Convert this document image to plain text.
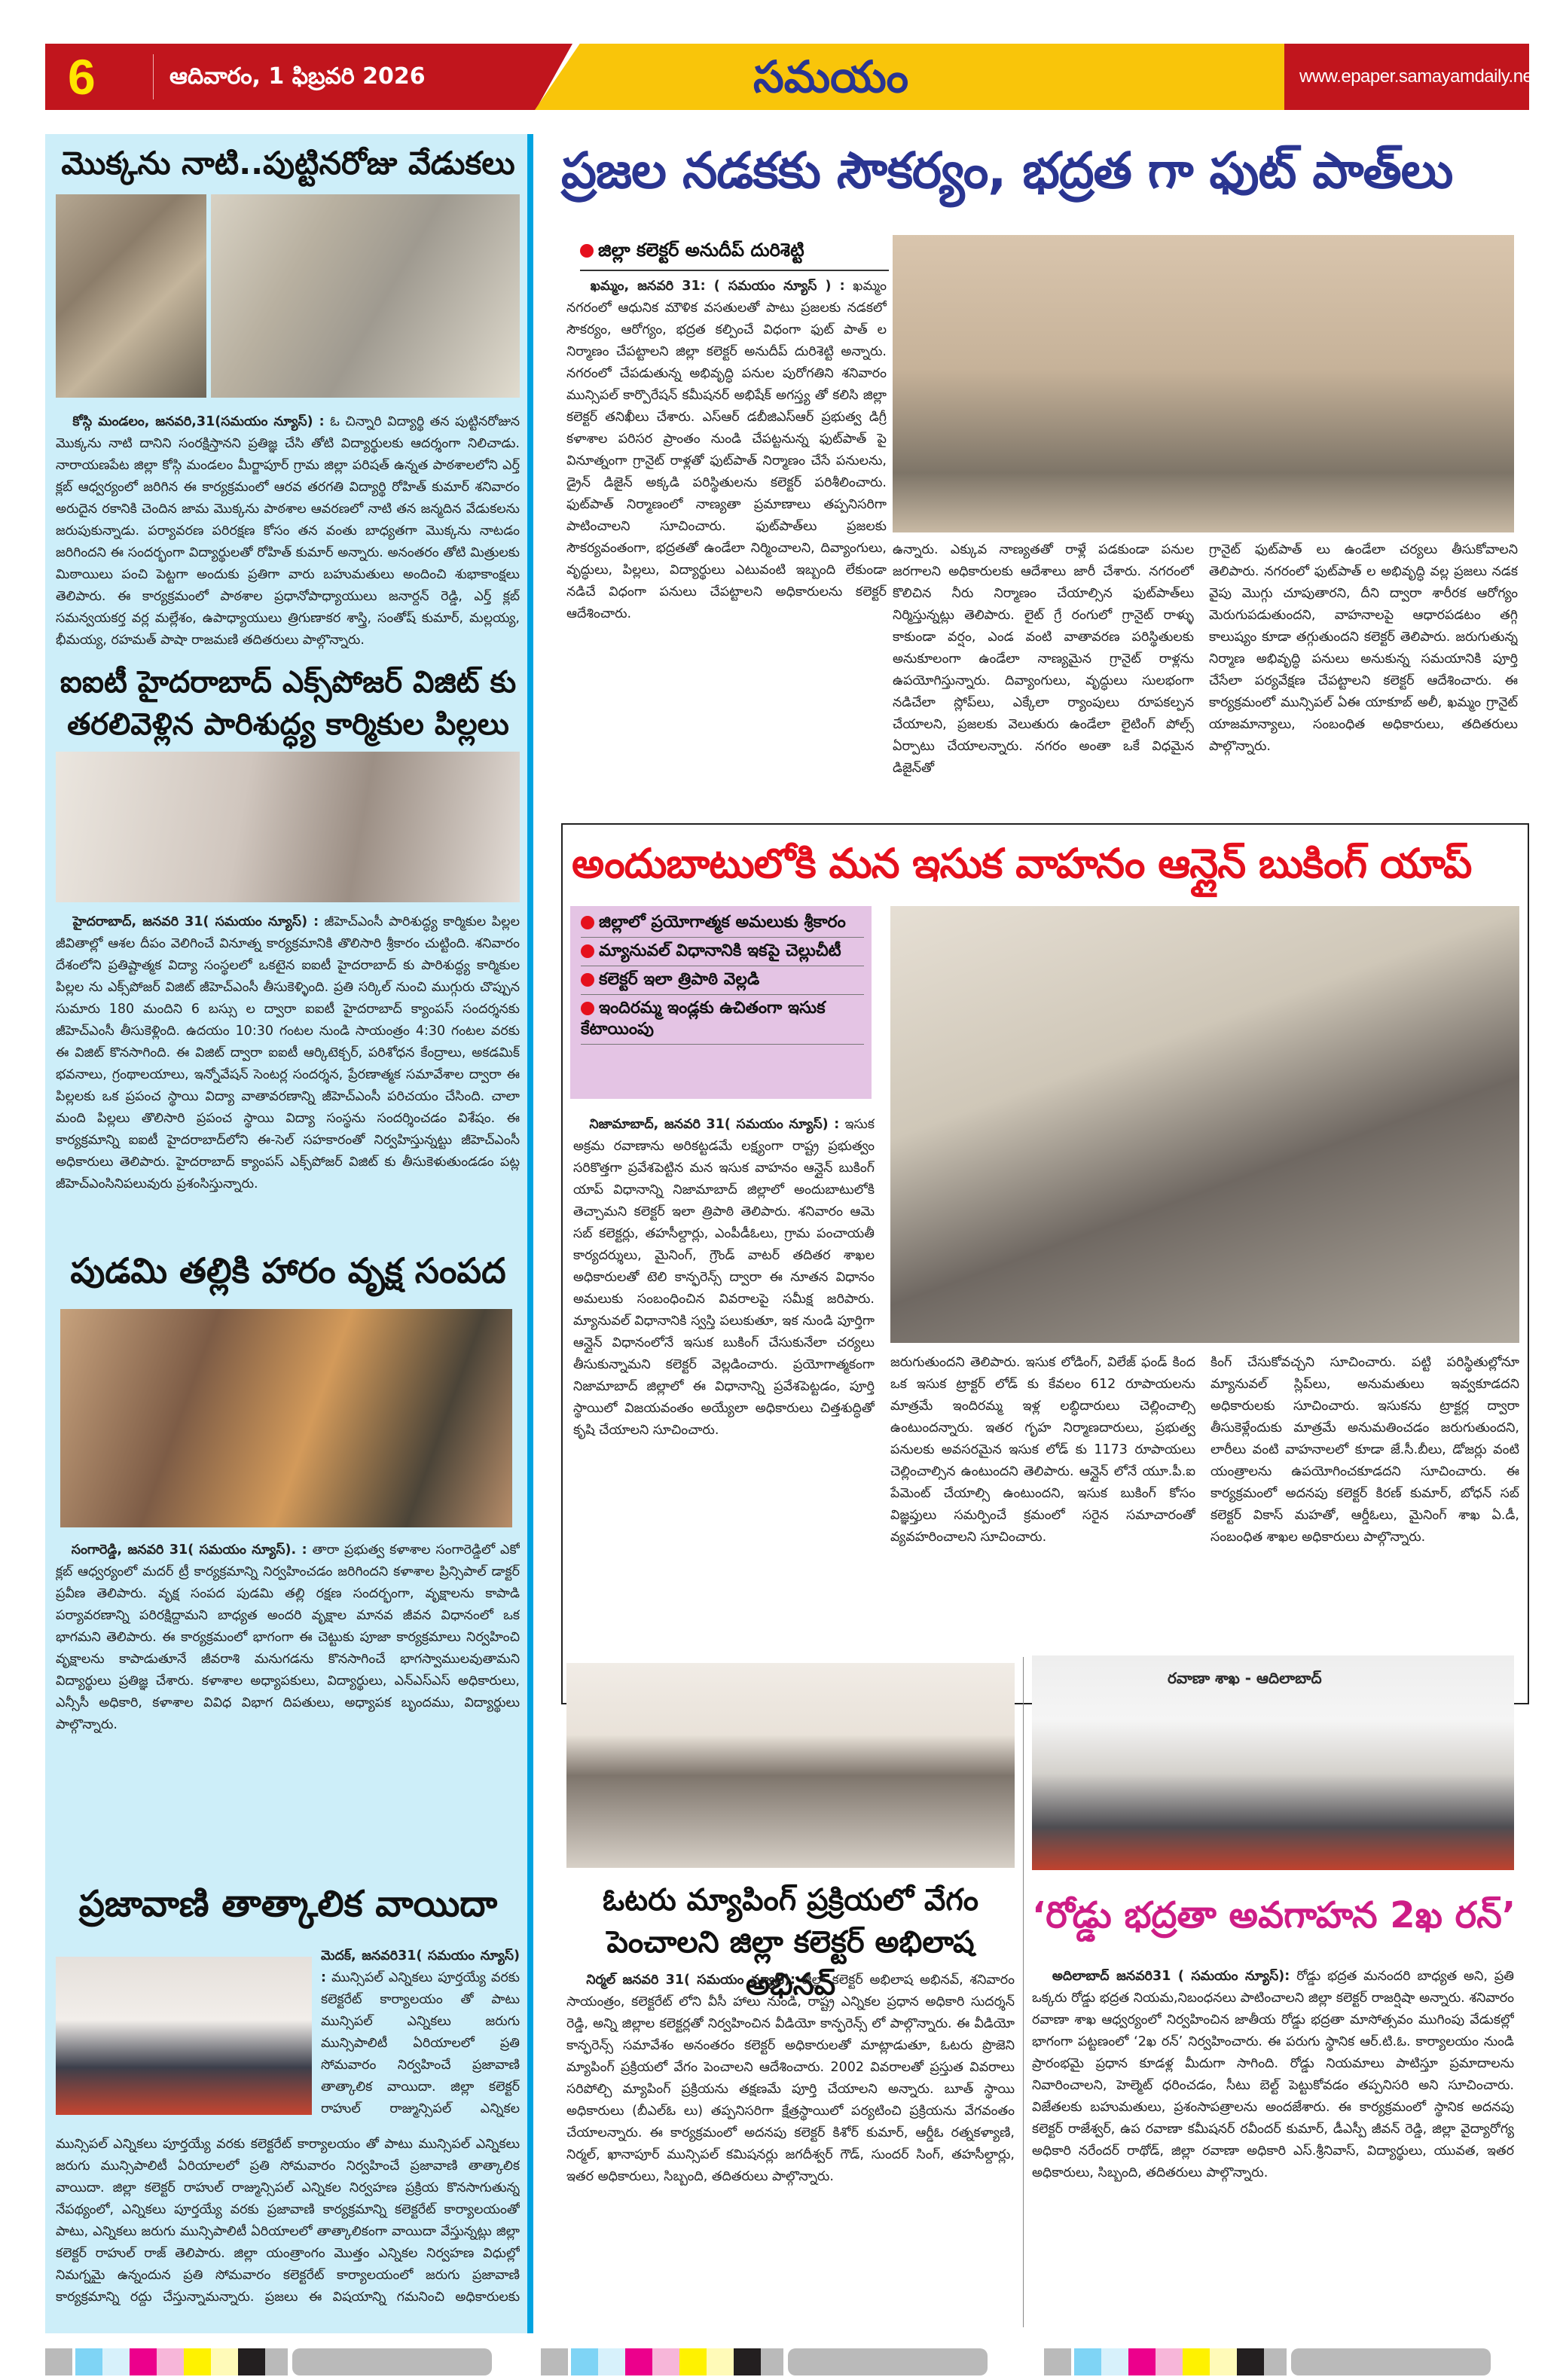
6	ఆదివారం, 1 ఫిబ్రవరి 2026	సమయం	www.epaper.samayamdaily.net
మొక్కను నాటి..పుట్టినరోజు వేడుకలు
కోస్గి మండలం, జనవరి,31(సమయం న్యూస్) : ఓ చిన్నారి విద్యార్థి తన పుట్టినరోజున మొక్కను నాటి దానిని సంరక్షిస్తానని ప్రతిజ్ఞ చేసి తోటి విద్యార్థులకు ఆదర్శంగా నిలిచాడు. నారాయణపేట జిల్లా కోస్గి మండలం మీర్జాపూర్ గ్రామ జిల్లా పరిషత్ ఉన్నత పాఠశాలలోని ఎర్త్ క్లబ్ ఆధ్వర్యంలో జరిగిన ఈ కార్యక్రమంలో ఆరవ తరగతి విద్యార్థి రోహిత్ కుమార్ శనివారం అరుదైన రకానికి చెందిన జామ మొక్కను పాఠశాల ఆవరణలో నాటి తన జన్మదిన వేడుకలను జరుపుకున్నాడు. పర్యావరణ పరిరక్షణ కోసం తన వంతు బాధ్యతగా మొక్కను నాటడం జరిగిందని ఈ సందర్భంగా విద్యార్థులతో రోహిత్ కుమార్ అన్నారు. అనంతరం తోటి మిత్రులకు మిఠాయిలు పంచి పెట్టగా అందుకు ప్రతిగా వారు బహుమతులు అందించి శుభాకాంక్షలు తెలిపారు. ఈ కార్యక్రమంలో పాఠశాల ప్రధానోపాధ్యాయులు జనార్దన్ రెడ్డి, ఎర్త్ క్లబ్ సమన్వయకర్త వర్ల మల్లేశం, ఉపాధ్యాయులు త్రిగుణాకర శాస్త్రి, సంతోష్ కుమార్, మల్లయ్య, భీమయ్య, రహమత్ పాషా రాజమణి తదితరులు పాల్గొన్నారు.
ఐఐటీ హైదరాబాద్ ఎక్స్‌పోజర్ విజిట్ కు
తరలివెళ్లిన పారిశుద్ధ్య కార్మికుల పిల్లలు
హైదరాబాద్, జనవరి 31( సమయం న్యూస్) : జీహెచ్ఎంసీ పారిశుద్ధ్య కార్మికుల పిల్లల జీవితాల్లో ఆశల దీపం వెలిగించే వినూత్న కార్యక్రమానికి తొలిసారి శ్రీకారం చుట్టింది. శనివారం దేశంలోని ప్రతిష్టాత్మక విద్యా సంస్థలలో ఒకటైన ఐఐటీ హైదరాబాద్ కు పారిశుద్ధ్య కార్మికుల పిల్లల ను ఎక్స్‌పోజర్ విజిట్ జీహెచ్ఎంసీ తీసుకెళ్ళింది. ప్రతి సర్కిల్ నుంచి ముగ్గురు చొప్పున సుమారు 180 మందిని 6 బస్సు ల ద్వారా ఐఐటీ హైదరాబాద్ క్యాంపస్ సందర్శనకు జీహెచ్ఎంసీ తీసుకెళ్లింది. ఉదయం 10:30 గంటల నుండి సాయంత్రం 4:30 గంటల వరకు ఈ విజిట్ కొనసాగింది. ఈ విజిట్ ద్వారా ఐఐటీ ఆర్కిటెక్చర్, పరిశోధన కేంద్రాలు, అకడమిక్ భవనాలు, గ్రంథాలయాలు, ఇన్నోవేషన్ సెంటర్ల సందర్శన, ప్రేరణాత్మక సమావేశాల ద్వారా ఈ పిల్లలకు ఒక ప్రపంచ స్థాయి విద్యా వాతావరణాన్ని జీహెచ్ఎంసీ పరిచయం చేసింది. చాలా మంది పిల్లలు తొలిసారి ప్రపంచ స్థాయి విద్యా సంస్థను సందర్శించడం విశేషం. ఈ కార్యక్రమాన్ని ఐఐటీ హైదరాబాద్‌లోని ఈ-సెల్ సహకారంతో నిర్వహిస్తున్నట్టు జీహెచ్ఎంసీ అధికారులు తెలిపారు. హైదరాబాద్ క్యాంపస్ ఎక్స్‌పోజర్ విజిట్ కు తీసుకెళుతుండడం పట్ల జీహెచ్ఎంసినిపలువురు ప్రశంసిస్తున్నారు.
పుడమి తల్లికి హారం వృక్ష సంపద
సంగారెడ్డి, జనవరి 31( సమయం న్యూస్). : తారా ప్రభుత్వ కళాశాల సంగారెడ్డిలో ఎకో క్లబ్ ఆధ్వర్యంలో మదర్ ట్రీ కార్యక్రమాన్ని నిర్వహించడం జరిగిందని కళాశాల ప్రిన్సిపాల్ డాక్టర్ ప్రవీణ తెలిపారు. వృక్ష సంపద పుడమి తల్లి రక్షణ సందర్భంగా, వృక్షాలను కాపాడి పర్యావరణాన్ని పరిరక్షిద్దామని బాధ్యత అందరి వృక్షాల మానవ జీవన విధానంలో ఒక భాగమని తెలిపారు. ఈ కార్యక్రమంలో భాగంగా ఈ చెట్టుకు పూజా కార్యక్రమాలు నిర్వహించి వృక్షాలను కాపాడుతూనే జీవరాశి మనుగడను కొనసాగించే భాగస్వాములవుతామని విద్యార్థులు ప్రతిజ్ఞ చేశారు. కళాశాల అధ్యాపకులు, విద్యార్థులు, ఎన్ఎస్ఎస్ అధికారులు, ఎన్సీసీ అధికారి, కళాశాల వివిధ విభాగ దిపతులు, అధ్యాపక బృందము, విద్యార్థులు పాల్గొన్నారు.
ప్రజావాణి తాత్కాలిక వాయిదా
మెదక్, జనవరి31( సమయం న్యూస్) : మున్సిపల్ ఎన్నికలు పూర్తయ్యే వరకు కలెక్టరేట్ కార్యాలయం తో పాటు మున్సిపల్ ఎన్నికలు జరుగు మున్సిపాలిటీ ఏరియాలలో ప్రతి సోమవారం నిర్వహించే ప్రజావాణి తాత్కాలిక వాయిదా. జిల్లా కలెక్టర్ రాహుల్ రాజ్మున్సిపల్ ఎన్నికల
మున్సిపల్ ఎన్నికలు పూర్తయ్యే వరకు కలెక్టరేట్ కార్యాలయం తో పాటు మున్సిపల్ ఎన్నికలు జరుగు మున్సిపాలిటీ ఏరియాలలో ప్రతి సోమవారం నిర్వహించే ప్రజావాణి తాత్కాలిక వాయిదా. జిల్లా కలెక్టర్ రాహుల్ రాజ్మున్సిపల్ ఎన్నికల నిర్వహణ ప్రక్రియ కొనసాగుతున్న నేపథ్యంలో, ఎన్నికలు పూర్తయ్యే వరకు ప్రజావాణి కార్యక్రమాన్ని కలెక్టరేట్ కార్యాలయంతో పాటు, ఎన్నికలు జరుగు మున్సిపాలిటీ ఏరియాలలో తాత్కాలికంగా వాయిదా వేస్తున్నట్లు జిల్లా కలెక్టర్ రాహుల్ రాజ్ తెలిపారు. జిల్లా యంత్రాంగం మొత్తం ఎన్నికల నిర్వహణ విధుల్లో నిమగ్నమై ఉన్నందున ప్రతి సోమవారం కలెక్టరేట్ కార్యాలయంలో జరుగు ప్రజావాణి కార్యక్రమాన్ని రద్దు చేస్తున్నామన్నారు. ప్రజలు ఈ విషయాన్ని గమనించి అధికారులకు
ప్రజల నడకకు సౌకర్యం, భద్రత గా ఫుట్ పాత్‌లు
జిల్లా కలెక్టర్ అనుదీప్ దురిశెట్టి
ఖమ్మం, జనవరి 31: ( సమయం న్యూస్ ) : ఖమ్మం నగరంలో ఆధునిక మౌళిక వసతులతో పాటు ప్రజలకు నడకలో సౌకర్యం, ఆరోగ్యం, భద్రత కల్పించే విధంగా ఫుట్ పాత్ ల నిర్మాణం చేపట్టాలని జిల్లా కలెక్టర్ అనుదీప్ దురిశెట్టి అన్నారు. నగరంలో చేపడుతున్న అభివృద్ధి పనుల పురోగతిని శనివారం మున్సిపల్ కార్పొరేషన్ కమీషనర్ అభిషేక్ అగస్త్య తో కలిసి జిల్లా కలెక్టర్ తనిఖీలు చేశారు. ఎస్ఆర్ డబీజిఎస్ఆర్ ప్రభుత్వ డిగ్రీ కళాశాల పరిసర ప్రాంతం నుండి చేపట్టనున్న ఫుట్‌పాత్ పై వినూత్నంగా గ్రానైట్ రాళ్లతో ఫుట్‌పాత్ నిర్మాణం చేసే పనులను, డ్రైన్ డిజైన్ అక్కడి పరిస్థితులను కలెక్టర్ పరిశీలించారు. ఫుట్‌పాత్ నిర్మాణంలో నాణ్యతా ప్రమాణాలు తప్పనిసరిగా పాటించాలని సూచించారు. ఫుట్‌పాత్‌లు ప్రజలకు సౌకర్యవంతంగా, భద్రతతో ఉండేలా నిర్మించాలని, దివ్యాంగులు, వృద్ధులు, పిల్లలు, విద్యార్థులు ఎటువంటి ఇబ్బంది లేకుండా నడిచే విధంగా పనులు చేపట్టాలని అధికారులను కలెక్టర్ ఆదేశించారు.
ఉన్నారు. ఎక్కువ నాణ్యతతో రాళ్లే పడకుండా పనుల జరగాలని అధికారులకు ఆదేశాలు జారీ చేశారు. నగరంలో కొలిచిన నీరు నిర్మాణం చేయాల్సిన ఫుట్‌పాత్‌లు నిర్మిస్తున్నట్లు తెలిపారు. లైట్ గ్రే రంగులో గ్రానైట్ రాళ్ళు కాకుండా వర్షం, ఎండ వంటి వాతావరణ పరిస్థితులకు అనుకూలంగా ఉండేలా నాణ్యమైన గ్రానైట్ రాళ్లను ఉపయోగిస్తున్నారు. దివ్యాంగులు, వృద్ధులు సులభంగా నడిచేలా స్లోప్‌లు, ఎక్కేలా ర్యాంపులు రూపకల్పన చేయాలని, ప్రజలకు వెలుతురు ఉండేలా లైటింగ్ పోల్స్ ఏర్పాటు చేయాలన్నారు. నగరం అంతా ఒకే విధమైన డిజైన్‌తో
గ్రానైట్ ఫుట్‌పాత్ లు ఉండేలా చర్యలు తీసుకోవాలని తెలిపారు. నగరంలో ఫుట్‌పాత్ ల అభివృద్ధి వల్ల ప్రజలు నడక వైపు మొగ్గు చూపుతారని, దీని ద్వారా శారీరక ఆరోగ్యం మెరుగుపడుతుందని, వాహనాలపై ఆధారపడటం తగ్గి కాలుష్యం కూడా తగ్గుతుందని కలెక్టర్ తెలిపారు. జరుగుతున్న నిర్మాణ అభివృద్ధి పనులు అనుకున్న సమయానికి పూర్తి చేసేలా పర్యవేక్షణ చేపట్టాలని కలెక్టర్ ఆదేశించారు. ఈ కార్యక్రమంలో మున్సిపల్ ఏఈ యాకూబ్ అలీ, ఖమ్మం గ్రానైట్ యాజమాన్యాలు, సంబంధిత అధికారులు, తదితరులు పాల్గొన్నారు.
అందుబాటులోకి మన ఇసుక వాహనం ఆన్లైన్ బుకింగ్ యాప్
జిల్లాలో ప్రయోగాత్మక అమలుకు శ్రీకారం
మ్యానువల్ విధానానికి ఇకపై చెల్లుచీటీ
కలెక్టర్ ఇలా త్రిపాఠి వెల్లడి
ఇందిరమ్మ ఇండ్లకు ఉచితంగా ఇసుక కేటాయింపు
నిజామాబాద్, జనవరి 31( సమయం న్యూస్) : ఇసుక అక్రమ రవాణాను అరికట్టడమే లక్ష్యంగా రాష్ట్ర ప్రభుత్వం సరికొత్తగా ప్రవేశపెట్టిన మన ఇసుక వాహనం ఆన్లైన్ బుకింగ్ యాప్ విధానాన్ని నిజామాబాద్ జిల్లాలో అందుబాటులోకి తెచ్చామని కలెక్టర్ ఇలా త్రిపాఠి తెలిపారు. శనివారం ఆమె సబ్ కలెక్టర్లు, తహసీల్దార్లు, ఎంపీడీఓలు, గ్రామ పంచాయతీ కార్యదర్శులు, మైనింగ్, గ్రౌండ్ వాటర్ తదితర శాఖల అధికారులతో టెలి కాన్ఫరెన్స్ ద్వారా ఈ నూతన విధానం అమలుకు సంబంధించిన వివరాలపై సమీక్ష జరిపారు. మ్యానువల్ విధానానికి స్వస్తి పలుకుతూ, ఇక నుండి పూర్తిగా ఆన్లైన్ విధానంలోనే ఇసుక బుకింగ్ చేసుకునేలా చర్యలు తీసుకున్నామని కలెక్టర్ వెల్లడించారు. ప్రయోగాత్మకంగా నిజామాబాద్ జిల్లాలో ఈ విధానాన్ని ప్రవేశపెట్టడం, పూర్తి స్థాయిలో విజయవంతం అయ్యేలా అధికారులు చిత్తశుద్ధితో కృషి చేయాలని సూచించారు.
జరుగుతుందని తెలిపారు. ఇసుక లోడింగ్, విలేజ్ ఫండ్ కింద ఒక ఇసుక ట్రాక్టర్ లోడ్ కు కేవలం 612 రూపాయలను మాత్రమే ఇందిరమ్మ ఇళ్ల లబ్ధిదారులు చెల్లించాల్సి ఉంటుందన్నారు. ఇతర గృహ నిర్మాణదారులు, ప్రభుత్వ పనులకు అవసరమైన ఇసుక లోడ్ కు 1173 రూపాయలు చెల్లించాల్సిన ఉంటుందని తెలిపారు. ఆన్లైన్ లోనే యూ.పీ.ఐ పేమెంట్ చేయాల్సి ఉంటుందని, ఇసుక బుకింగ్ కోసం విజ్ఞప్తులు సమర్పించే క్రమంలో సరైన సమాచారంతో వ్యవహరించాలని సూచించారు.
కింగ్ చేసుకోవచ్చని సూచించారు. పట్టి పరిస్థితుల్లోనూ మ్యానువల్ స్లిప్‌లు, అనుమతులు ఇవ్వకూడదని అధికారులకు సూచించారు. ఇసుకను ట్రాక్టర్ల ద్వారా తీసుకెళ్లేందుకు మాత్రమే అనుమతించడం జరుగుతుందని, లారీలు వంటి వాహనాలలో కూడా జే.సీ.బీలు, డోజర్లు వంటి యంత్రాలను ఉపయోగించకూడదని సూచించారు. ఈ కార్యక్రమంలో అదనపు కలెక్టర్ కిరణ్ కుమార్, బోధన్ సబ్ కలెక్టర్ వికాస్ మహతో, ఆర్డీఓలు, మైనింగ్ శాఖ ఏ.డీ, సంబంధిత శాఖల అధికారులు పాల్గొన్నారు.
ఓటరు మ్యాపింగ్ ప్రక్రియలో వేగం
పెంచాలని జిల్లా కలెక్టర్ అభిలాష అభినవ్
నిర్మల్ జనవరి 31( సమయం న్యూస్): జిల్లా కలెక్టర్ అభిలాష అభినవ్, శనివారం సాయంత్రం, కలెక్టరేట్ లోని వీసీ హాలు నుండి, రాష్ట్ర ఎన్నికల ప్రధాన అధికారి సుదర్శన్ రెడ్డి, అన్ని జిల్లాల కలెక్టర్లతో నిర్వహించిన వీడియో కాన్ఫరెన్స్ లో పాల్గొన్నారు. ఈ వీడియో కాన్ఫరెన్స్ సమావేశం అనంతరం కలెక్టర్ అధికారులతో మాట్లాడుతూ, ఓటరు ప్రొజెని మ్యాపింగ్ ప్రక్రియలో వేగం పెంచాలని ఆదేశించారు. 2002 వివరాలతో ప్రస్తుత వివరాలు సరిపోల్చి మ్యాపింగ్ ప్రక్రియను తక్షణమే పూర్తి చేయాలని అన్నారు. బూత్ స్థాయి అధికారులు (బీఎల్ఓ లు) తప్పనిసరిగా క్షేత్రస్థాయిలో పర్యటించి ప్రక్రియను వేగవంతం చేయాలన్నారు. ఈ కార్యక్రమంలో అదనపు కలెక్టర్ కిశోర్ కుమార్, ఆర్డీఓ రత్నకళ్యాణి, నిర్మల్, ఖానాపూర్ మున్సిపల్ కమిషనర్లు జగదీశ్వర్ గౌడ్, సుందర్ సింగ్, తహసీల్దార్లు, ఇతర అధికారులు, సిబ్బంది, తదితరులు పాల్గొన్నారు.
రవాణా శాఖ - ఆదిలాబాద్
‘రోడ్డు భద్రతా అవగాహన 2ఖ రన్’
అదిలాబాద్ జనవరి31 ( సమయం న్యూస్): రోడ్డు భద్రత మనందరి బాధ్యత అని, ప్రతి ఒక్కరు రోడ్డు భద్రత నియమ,నిబంధనలు పాటించాలని జిల్లా కలెక్టర్ రాజర్షిషా అన్నారు. శనివారం రవాణా శాఖ ఆధ్వర్యంలో నిర్వహించిన జాతీయ రోడ్డు భద్రతా మాసోత్సవం ముగింపు వేడుకల్లో భాగంగా పట్టణంలో ‘2ఖ రన్’ నిర్వహించారు. ఈ పరుగు స్థానిక ఆర్.టి.ఓ. కార్యాలయం నుండి ప్రారంభమై ప్రధాన కూడళ్ల మీదుగా సాగింది. రోడ్డు నియమాలు పాటిస్తూ ప్రమాదాలను నివారించాలని, హెల్మెట్ ధరించడం, సీటు బెల్ట్ పెట్టుకోవడం తప్పనిసరి అని సూచించారు. విజేతలకు బహుమతులు, ప్రశంసాపత్రాలను అందజేశారు. ఈ కార్యక్రమంలో స్థానిక అదనపు కలెక్టర్ రాజేశ్వర్, ఉప రవాణా కమీషనర్ రవీందర్ కుమార్, డీఎస్పీ జీవన్ రెడ్డి, జిల్లా వైద్యారోగ్య అధికారి నరేందర్ రాథోడ్, జిల్లా రవాణా అధికారి ఎస్.శ్రీనివాస్, విద్యార్థులు, యువత, ఇతర అధికారులు, సిబ్బంది, తదితరులు పాల్గొన్నారు.
